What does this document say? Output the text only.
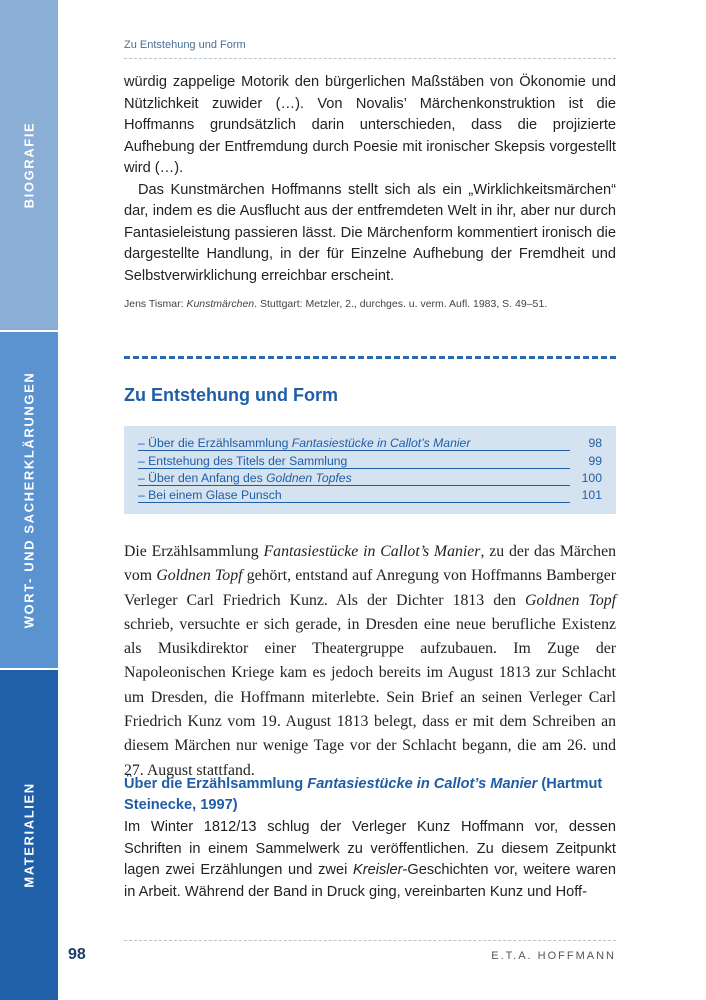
BIOGRAFIE
WORT- UND SACHERKLÄRUNGEN
MATERIALIEN
98
Zu Entstehung und Form

würdig zappelige Motorik den bürgerlichen Maßstäben von Ökonomie und Nützlichkeit zuwider (…). Von Novalis’ Märchenkonstruktion ist die Hoffmanns grundsätzlich darin unterschieden, dass die projizierte Aufhebung der Entfremdung durch Poesie mit ironischer Skepsis vorgestellt wird (…).

Das Kunstmärchen Hoffmanns stellt sich als ein „Wirklichkeitsmärchen“ dar, indem es die Ausflucht aus der entfremdeten Welt in ihr, aber nur durch Fantasieleistung passieren lässt. Die Märchenform kommentiert ironisch die dargestellte Handlung, in der für Einzelne Aufhebung der Fremdheit und Selbstverwirklichung erreichbar erscheint.

Jens Tismar: Kunstmärchen. Stuttgart: Metzler, 2., durchges. u. verm. Aufl. 1983, S. 49–51.
Zu Entstehung und Form
– Über die Erzählsammlung Fantasiestücke in Callot’s Manier	98
– Entstehung des Titels der Sammlung	99
– Über den Anfang des Goldnen Topfes	100
– Bei einem Glase Punsch	101
Die Erzählsammlung Fantasiestücke in Callot’s Manier, zu der das Märchen vom Goldnen Topf gehört, entstand auf Anregung von Hoffmanns Bamberger Verleger Carl Friedrich Kunz. Als der Dichter 1813 den Goldnen Topf schrieb, versuchte er sich gerade, in Dresden eine neue berufliche Existenz als Musikdirektor einer Theatergruppe aufzubauen. Im Zuge der Napoleonischen Kriege kam es jedoch bereits im August 1813 zur Schlacht um Dresden, die Hoffmann miterlebte. Sein Brief an seinen Verleger Carl Friedrich Kunz vom 19. August 1813 belegt, dass er mit dem Schreiben an diesem Märchen nur wenige Tage vor der Schlacht begann, die am 26. und 27. August stattfand.
Über die Erzählsammlung Fantasiestücke in Callot’s Manier (Hartmut Steinecke, 1997)
Im Winter 1812/13 schlug der Verleger Kunz Hoffmann vor, dessen Schriften in einem Sammelwerk zu veröffentlichen. Zu diesem Zeitpunkt lagen zwei Erzählungen und zwei Kreisler-Geschichten vor, weitere waren in Arbeit. Während der Band in Druck ging, vereinbarten Kunz und Hoff-
E.T.A. HOFFMANN
